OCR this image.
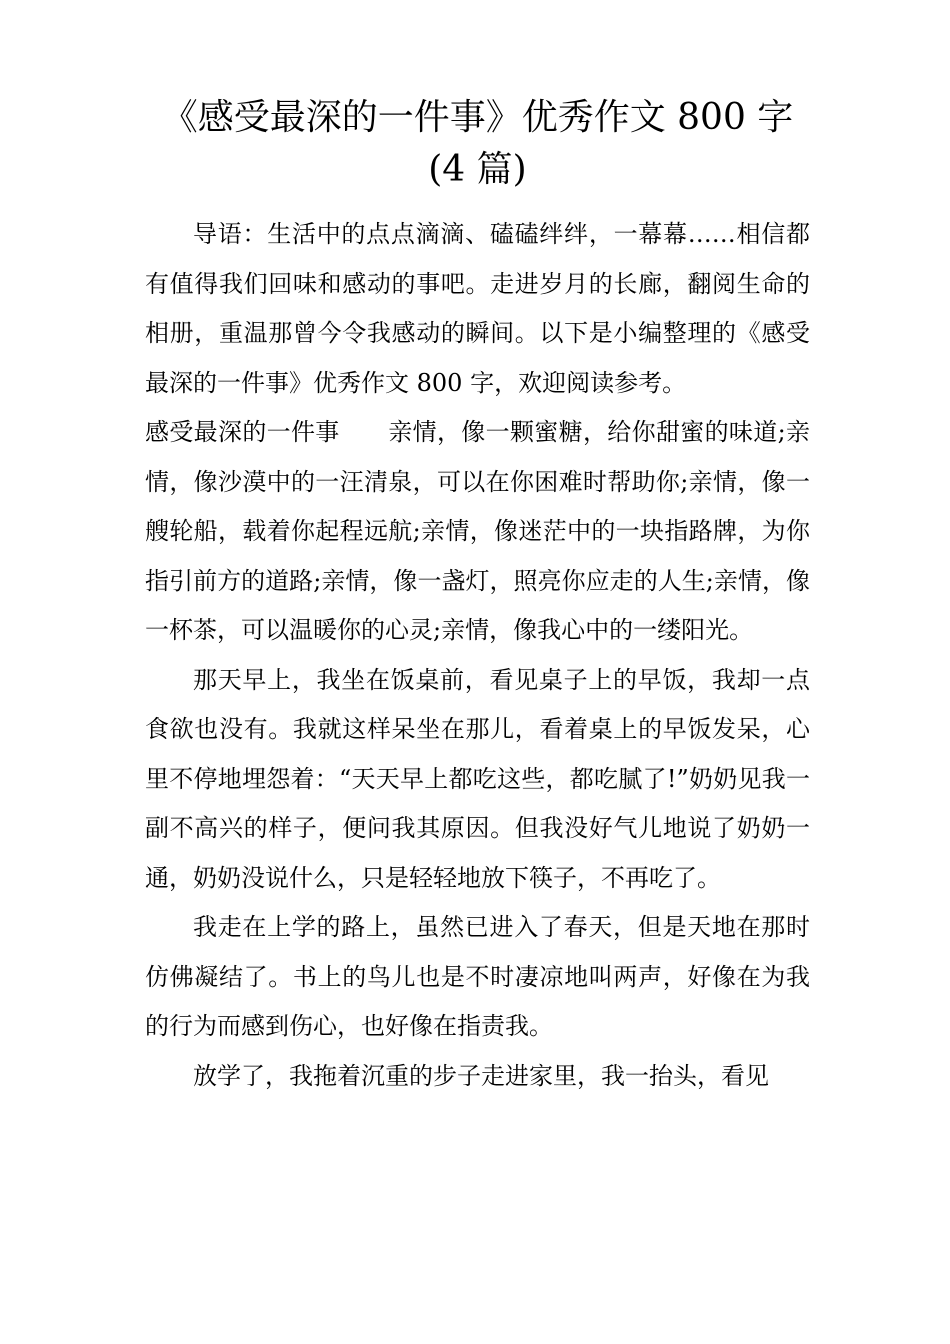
《感受最深的一件事》优秀作文 800 字
(4 篇)

导语：生活中的点点滴滴、磕磕绊绊，一幕幕……相信都有值得我们回味和感动的事吧。走进岁月的长廊，翻阅生命的相册，重温那曾今令我感动的瞬间。以下是小编整理的《感受最深的一件事》优秀作文 800 字，欢迎阅读参考。

感受最深的一件事　　 亲情，像一颗蜜糖，给你甜蜜的味道;亲情，像沙漠中的一汪清泉，可以在你困难时帮助你;亲情，像一艘轮船，载着你起程远航;亲情，像迷茫中的一块指路牌，为你指引前方的道路;亲情，像一盏灯，照亮你应走的人生;亲情，像一杯茶，可以温暖你的心灵;亲情，像我心中的一缕阳光。

那天早上，我坐在饭桌前，看见桌子上的早饭，我却一点食欲也没有。我就这样呆坐在那儿，看着桌上的早饭发呆，心里不停地埋怨着：“天天早上都吃这些，都吃腻了!”奶奶见我一副不高兴的样子，便问我其原因。但我没好气儿地说了奶奶一通，奶奶没说什么，只是轻轻地放下筷子，不再吃了。

我走在上学的路上，虽然已进入了春天，但是天地在那时仿佛凝结了。书上的鸟儿也是不时凄凉地叫两声，好像在为我的行为而感到伤心，也好像在指责我。

放学了，我拖着沉重的步子走进家里，我一抬头，看见
